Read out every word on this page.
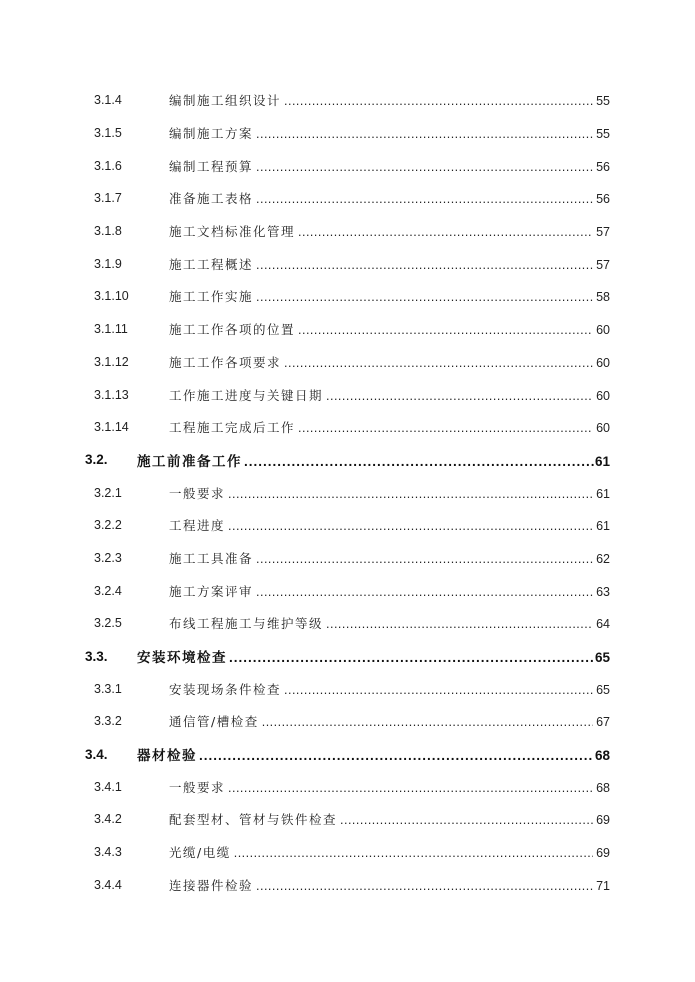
3.1.4	编制施工组织设计 .....	55
3.1.5	编制施工方案 .....	55
3.1.6	编制工程预算 .....	56
3.1.7	准备施工表格 .....	56
3.1.8	施工文档标准化管理 .....	57
3.1.9	施工工程概述 .....	57
3.1.10	施工工作实施 .....	58
3.1.11	施工工作各项的位置 .....	60
3.1.12	施工工作各项要求 .....	60
3.1.13	工作施工进度与关键日期 .....	60
3.1.14	工程施工完成后工作 .....	60
3.2. 施工前准备工作 .....	61
3.2.1	一般要求 .....	61
3.2.2	工程进度 .....	61
3.2.3	施工工具准备 .....	62
3.2.4	施工方案评审 .....	63
3.2.5	布线工程施工与维护等级 .....	64
3.3. 安装环境检查 .....	65
3.3.1	安装现场条件检查 .....	65
3.3.2	通信管/槽检查 .....	67
3.4. 器材检验 .....	68
3.4.1	一般要求 .....	68
3.4.2	配套型材、管材与铁件检查 .....	69
3.4.3	光缆/电缆 .....	69
3.4.4	连接器件检验 .....	71
